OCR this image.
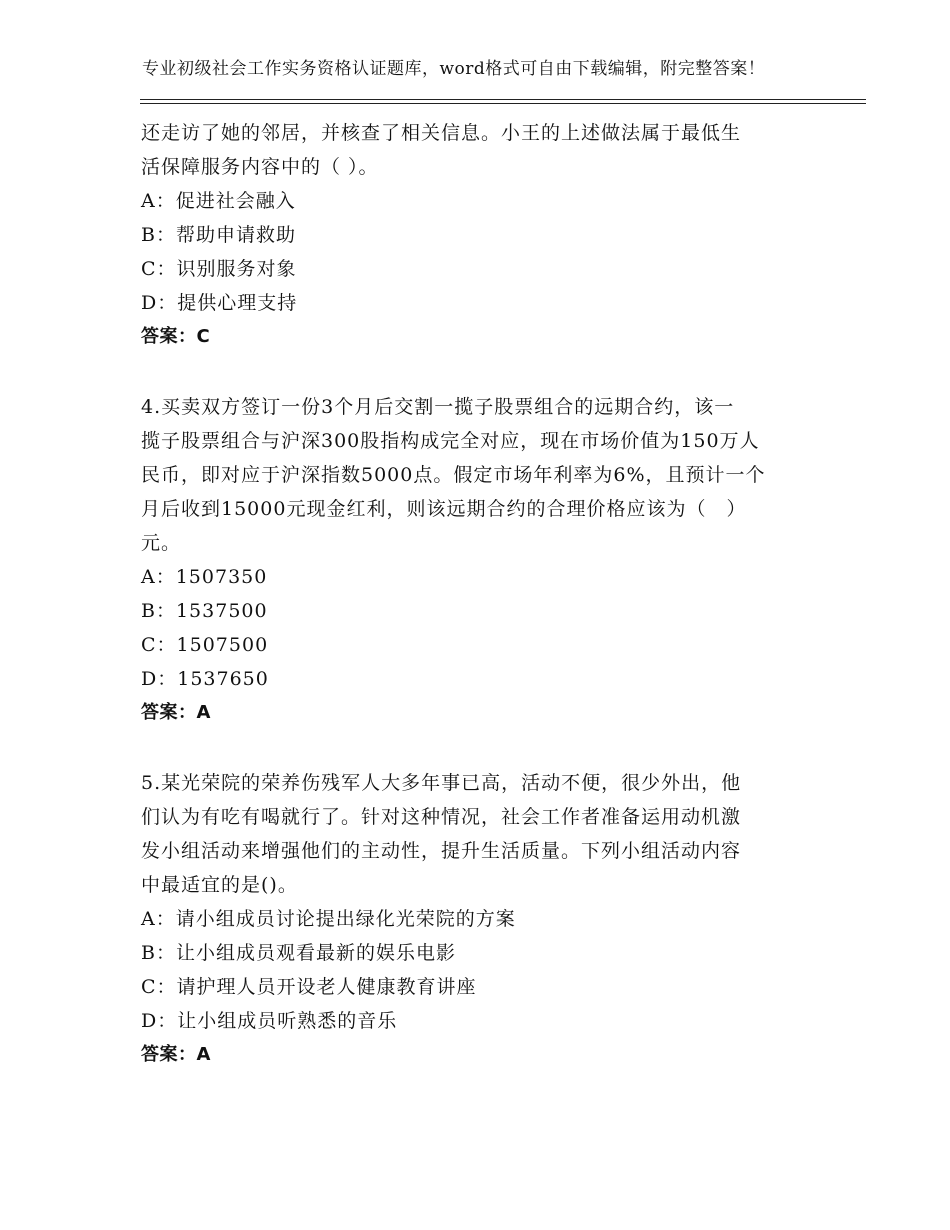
专业初级社会工作实务资格认证题库，word格式可自由下载编辑，附完整答案！
还走访了她的邻居，并核查了相关信息。小王的上述做法属于最低生
活保障服务内容中的（ ）。
A：促进社会融入
B：帮助申请救助
C：识别服务对象
D：提供心理支持
答案：C
4.买卖双方签订一份3个月后交割一揽子股票组合的远期合约，该一
揽子股票组合与沪深300股指构成完全对应，现在市场价值为150万人
民币，即对应于沪深指数5000点。假定市场年利率为6%，且预计一个
月后收到15000元现金红利，则该远期合约的合理价格应该为（　）
元。
A：1507350
B：1537500
C：1507500
D：1537650
答案：A
5.某光荣院的荣养伤残军人大多年事已高，活动不便，很少外出，他
们认为有吃有喝就行了。针对这种情况，社会工作者准备运用动机激
发小组活动来增强他们的主动性，提升生活质量。下列小组活动内容
中最适宜的是()。
A：请小组成员讨论提出绿化光荣院的方案
B：让小组成员观看最新的娱乐电影
C：请护理人员开设老人健康教育讲座
D：让小组成员听熟悉的音乐
答案：A
